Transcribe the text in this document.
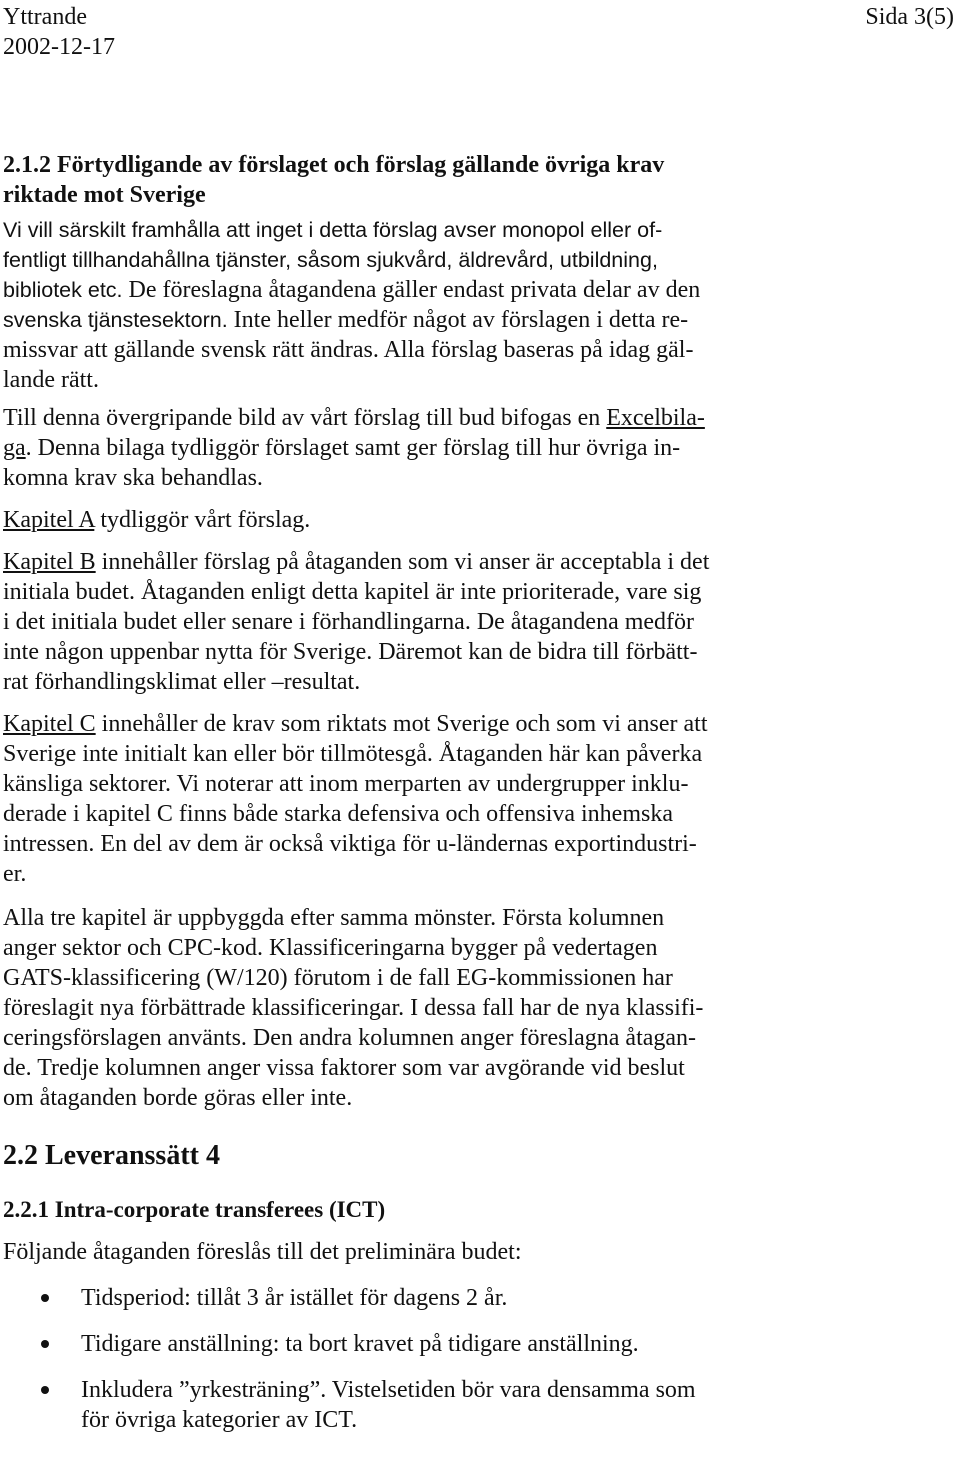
Yttrande
2002-12-17
Sida 3(5)
2.1.2 Förtydligande av förslaget och förslag gällande övriga krav
riktade mot Sverige

Vi vill särskilt framhålla att inget i detta förslag avser monopol eller of-
fentligt tillhandahållna tjänster, såsom sjukvård, äldrevård, utbildning,
bibliotek etc. De föreslagna åtagandena gäller endast privata delar av den
svenska tjänstesektorn. Inte heller medför något av förslagen i detta re-
missvar att gällande svensk rätt ändras. Alla förslag baseras på idag gäl-
lande rätt.

Till denna övergripande bild av vårt förslag till bud bifogas en Excelbila-
ga. Denna bilaga tydliggör förslaget samt ger förslag till hur övriga in-
komna krav ska behandlas.

Kapitel A tydliggör vårt förslag.

Kapitel B innehåller förslag på åtaganden som vi anser är acceptabla i det
initiala budet. Åtaganden enligt detta kapitel är inte prioriterade, vare sig
i det initiala budet eller senare i förhandlingarna. De åtagandena medför
inte någon uppenbar nytta för Sverige. Däremot kan de bidra till förbätt-
rat förhandlingsklimat eller –resultat.

Kapitel C innehåller de krav som riktats mot Sverige och som vi anser att
Sverige inte initialt kan eller bör tillmötesgå. Åtaganden här kan påverka
känsliga sektorer. Vi noterar att inom merparten av undergrupper inklu-
derade i kapitel C finns både starka defensiva och offensiva inhemska
intressen. En del av dem är också viktiga för u-ländernas exportindustri-
er.

Alla tre kapitel är uppbyggda efter samma mönster. Första kolumnen
anger sektor och CPC-kod. Klassificeringarna bygger på vedertagen
GATS-klassificering (W/120) förutom i de fall EG-kommissionen har
föreslagit nya förbättrade klassificeringar. I dessa fall har de nya klassifi-
ceringsförslagen använts. Den andra kolumnen anger föreslagna åtagan-
de. Tredje kolumnen anger vissa faktorer som var avgörande vid beslut
om åtaganden borde göras eller inte.

2.2 Leveranssätt 4
2.2.1 Intra-corporate transferees (ICT)

Följande åtaganden föreslås till det preliminära budet:

Tidsperiod: tillåt 3 år istället för dagens 2 år.
Tidigare anställning: ta bort kravet på tidigare anställning.
Inkludera ”yrkesträning”. Vistelsetiden bör vara densamma som
för övriga kategorier av ICT.
